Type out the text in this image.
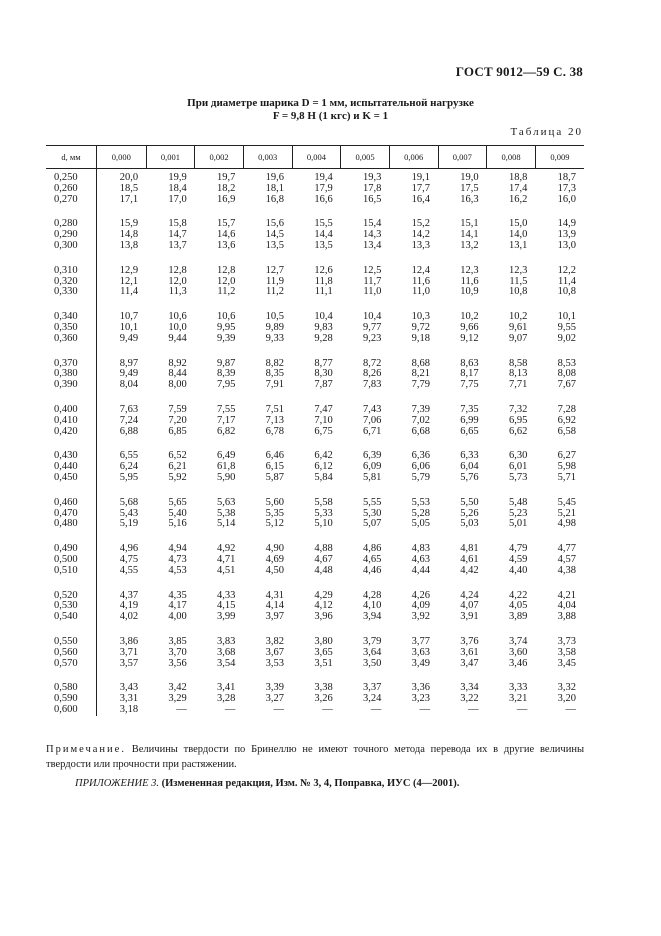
ГОСТ 9012—59 С. 38
При диаметре шарика D = 1 мм, испытательной нагрузке
F = 9,8 Н (1 кгс) и K = 1
Таблица 20
d, мм	0,000	0,001	0,002	0,003	0,004	0,005	0,006	0,007	0,008	0,009
0,250	20,0	19,9	19,7	19,6	19,4	19,3	19,1	19,0	18,8	18,7
0,260	18,5	18,4	18,2	18,1	17,9	17,8	17,7	17,5	17,4	17,3
0,270	17,1	17,0	16,9	16,8	16,6	16,5	16,4	16,3	16,2	16,0

0,280	15,9	15,8	15,7	15,6	15,5	15,4	15,2	15,1	15,0	14,9
0,290	14,8	14,7	14,6	14,5	14,4	14,3	14,2	14,1	14,0	13,9
0,300	13,8	13,7	13,6	13,5	13,5	13,4	13,3	13,2	13,1	13,0

0,310	12,9	12,8	12,8	12,7	12,6	12,5	12,4	12,3	12,3	12,2
0,320	12,1	12,0	12,0	11,9	11,8	11,7	11,6	11,6	11,5	11,4
0,330	11,4	11,3	11,2	11,2	11,1	11,0	11,0	10,9	10,8	10,8

0,340	10,7	10,6	10,6	10,5	10,4	10,4	10,3	10,2	10,2	10,1
0,350	10,1	10,0	9,95	9,89	9,83	9,77	9,72	9,66	9,61	9,55
0,360	9,49	9,44	9,39	9,33	9,28	9,23	9,18	9,12	9,07	9,02

0,370	8,97	8,92	9,87	8,82	8,77	8,72	8,68	8,63	8,58	8,53
0,380	9,49	8,44	8,39	8,35	8,30	8,26	8,21	8,17	8,13	8,08
0,390	8,04	8,00	7,95	7,91	7,87	7,83	7,79	7,75	7,71	7,67

0,400	7,63	7,59	7,55	7,51	7,47	7,43	7,39	7,35	7,32	7,28
0,410	7,24	7,20	7,17	7,13	7,10	7,06	7,02	6,99	6,95	6,92
0,420	6,88	6,85	6,82	6,78	6,75	6,71	6,68	6,65	6,62	6,58

0,430	6,55	6,52	6,49	6,46	6,42	6,39	6,36	6,33	6,30	6,27
0,440	6,24	6,21	61,8	6,15	6,12	6,09	6,06	6,04	6,01	5,98
0,450	5,95	5,92	5,90	5,87	5,84	5,81	5,79	5,76	5,73	5,71

0,460	5,68	5,65	5,63	5,60	5,58	5,55	5,53	5,50	5,48	5,45
0,470	5,43	5,40	5,38	5,35	5,33	5,30	5,28	5,26	5,23	5,21
0,480	5,19	5,16	5,14	5,12	5,10	5,07	5,05	5,03	5,01	4,98

0,490	4,96	4,94	4,92	4,90	4,88	4,86	4,83	4,81	4,79	4,77
0,500	4,75	4,73	4,71	4,69	4,67	4,65	4,63	4,61	4,59	4,57
0,510	4,55	4,53	4,51	4,50	4,48	4,46	4,44	4,42	4,40	4,38

0,520	4,37	4,35	4,33	4,31	4,29	4,28	4,26	4,24	4,22	4,21
0,530	4,19	4,17	4,15	4,14	4,12	4,10	4,09	4,07	4,05	4,04
0,540	4,02	4,00	3,99	3,97	3,96	3,94	3,92	3,91	3,89	3,88

0,550	3,86	3,85	3,83	3,82	3,80	3,79	3,77	3,76	3,74	3,73
0,560	3,71	3,70	3,68	3,67	3,65	3,64	3,63	3,61	3,60	3,58
0,570	3,57	3,56	3,54	3,53	3,51	3,50	3,49	3,47	3,46	3,45

0,580	3,43	3,42	3,41	3,39	3,38	3,37	3,36	3,34	3,33	3,32
0,590	3,31	3,29	3,28	3,27	3,26	3,24	3,23	3,22	3,21	3,20
0,600	3,18	—	—	—	—	—	—	—	—	—
Примечание. Величины твердости по Бринеллю не имеют точного метода перевода их в другие величины твердости или прочности при растяжении.
ПРИЛОЖЕНИЕ 3. (Измененная редакция, Изм. № 3, 4, Поправка, ИУС (4—2001).
